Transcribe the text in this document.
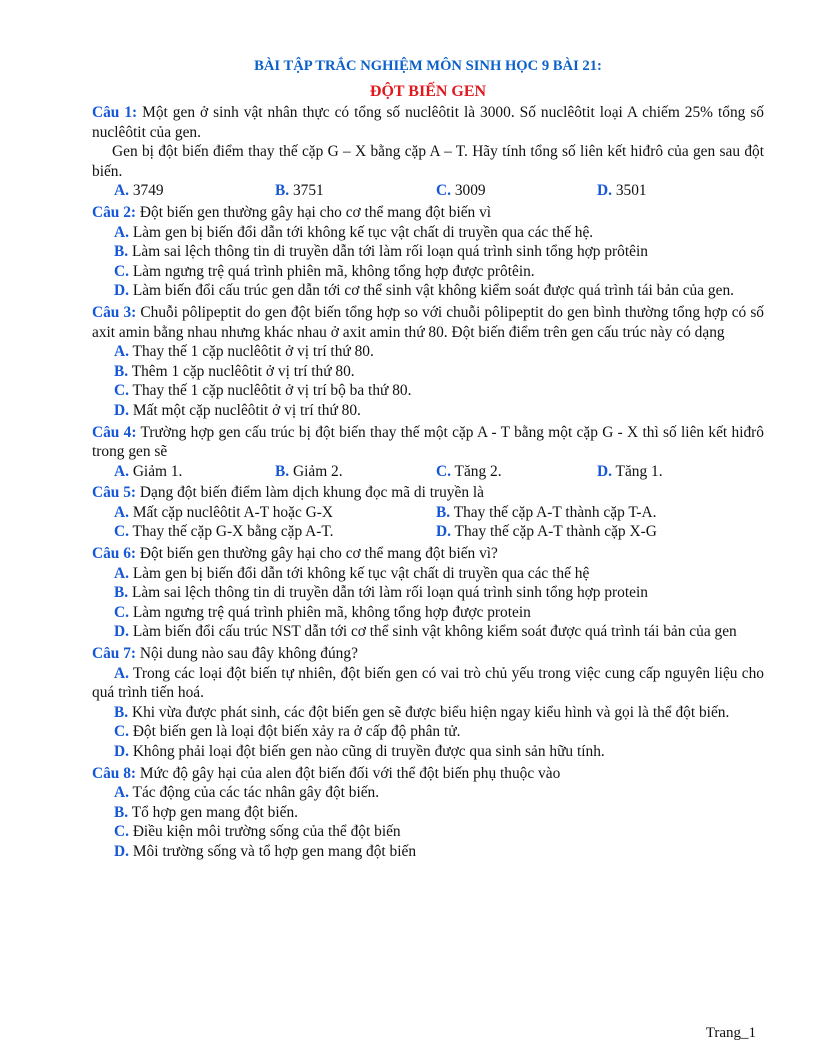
BÀI TẬP TRẮC NGHIỆM MÔN SINH HỌC 9 BÀI 21:
ĐỘT BIẾN GEN
Câu 1: Một gen ở sinh vật nhân thực có tổng số nuclêôtit là 3000. Số nuclêôtit loại A chiếm 25% tổng số nuclêôtit của gen.
Gen bị đột biến điểm thay thế cặp G – X bằng cặp A – T. Hãy tính tổng số liên kết hiđrô của gen sau đột biến.
A. 3749	B. 3751	C. 3009	D. 3501
Câu 2: Đột biến gen thường gây hại cho cơ thể mang đột biến vì
A. Làm gen bị biến đổi dẫn tới không kế tục vật chất di truyền qua các thế hệ.
B. Làm sai lệch thông tin di truyền dẫn tới làm rối loạn quá trình sinh tổng hợp prôtêin
C. Làm ngưng trệ quá trình phiên mã, không tổng hợp được prôtêin.
D. Làm biến đổi cấu trúc gen dẫn tới cơ thể sinh vật không kiểm soát được quá trình tái bản của gen.
Câu 3: Chuỗi pôlipeptit do gen đột biến tổng hợp so với chuỗi pôlipeptit do gen bình thường tổng hợp có số axit amin bằng nhau nhưng khác nhau ở axit amin thứ 80. Đột biến điểm trên gen cấu trúc này có dạng
A. Thay thế 1 cặp nuclêôtit ở vị trí thứ 80.
B. Thêm 1 cặp nuclêôtit ở vị trí thứ 80.
C. Thay thế 1 cặp nuclêôtit ở vị trí bộ ba thứ 80.
D. Mất một cặp nuclêôtit ở vị trí thứ 80.
Câu 4: Trường hợp gen cấu trúc bị đột biến thay thế một cặp A - T bằng một cặp G - X thì số liên kết hiđrô trong gen sẽ
A. Giảm 1.	B. Giảm 2.	C. Tăng 2.	D. Tăng 1.
Câu 5: Dạng đột biến điểm làm dịch khung đọc mã di truyền là
A. Mất cặp nuclêôtit A-T hoặc G-X	B. Thay thế cặp A-T thành cặp T-A.
C. Thay thế cặp G-X bằng cặp A-T.	D. Thay thế cặp A-T thành cặp X-G
Câu 6: Đột biến gen thường gây hại cho cơ thể mang đột biến vì?
A. Làm gen bị biến đổi dẫn tới không kế tục vật chất di truyền qua các thế hệ
B. Làm sai lệch thông tin di truyền dẫn tới làm rối loạn quá trình sinh tổng hợp protein
C. Làm ngưng trệ quá trình phiên mã, không tổng hợp được protein
D. Làm biến đổi cấu trúc NST dẫn tới cơ thể sinh vật không kiểm soát được quá trình tái bản của gen
Câu 7: Nội dung nào sau đây không đúng?
A. Trong các loại đột biến tự nhiên, đột biến gen có vai trò chủ yếu trong việc cung cấp nguyên liệu cho quá trình tiến hoá.
B. Khi vừa được phát sinh, các đột biến gen sẽ được biểu hiện ngay kiểu hình và gọi là thể đột biến.
C. Đột biến gen là loại đột biến xảy ra ở cấp độ phân tử.
D. Không phải loại đột biến gen nào cũng di truyền được qua sinh sản hữu tính.
Câu 8: Mức độ gây hại của alen đột biến đối với thể đột biến phụ thuộc vào
A. Tác động của các tác nhân gây đột biến.
B. Tổ hợp gen mang đột biến.
C. Điều kiện môi trường sống của thể đột biến
D. Môi trường sống và tổ hợp gen mang đột biến
Trang_1
